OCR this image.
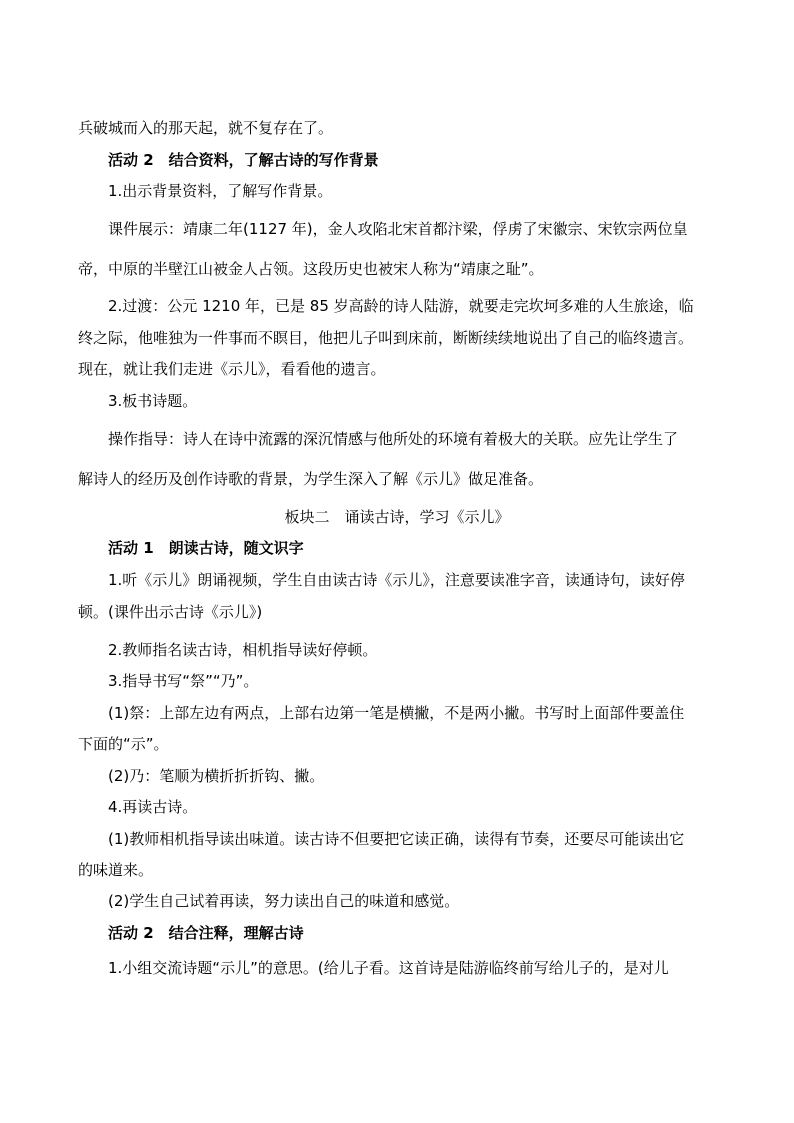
兵破城而入的那天起，就不复存在了。
活动 2　结合资料，了解古诗的写作背景
1.出示背景资料，了解写作背景。
课件展示：靖康二年(1127 年)，金人攻陷北宋首都汴梁，俘虏了宋徽宗、宋钦宗两位皇
帝，中原的半壁江山被金人占领。这段历史也被宋人称为“靖康之耻”。
2.过渡：公元 1210 年，已是 85 岁高龄的诗人陆游，就要走完坎坷多难的人生旅途，临
终之际，他唯独为一件事而不瞑目，他把儿子叫到床前，断断续续地说出了自己的临终遗言。
现在，就让我们走进《示儿》，看看他的遗言。
3.板书诗题。
操作指导：诗人在诗中流露的深沉情感与他所处的环境有着极大的关联。应先让学生了
解诗人的经历及创作诗歌的背景，为学生深入了解《示儿》做足准备。
板块二　诵读古诗，学习《示儿》
活动 1　朗读古诗，随文识字
1.听《示儿》朗诵视频，学生自由读古诗《示儿》，注意要读准字音，读通诗句，读好停
顿。(课件出示古诗《示儿》)
2.教师指名读古诗，相机指导读好停顿。
3.指导书写“祭”“乃”。
(1)祭：上部左边有两点，上部右边第一笔是横撇，不是两小撇。书写时上面部件要盖住
下面的“示”。
(2)乃：笔顺为横折折折钩、撇。
4.再读古诗。
(1)教师相机指导读出味道。读古诗不但要把它读正确，读得有节奏，还要尽可能读出它
的味道来。
(2)学生自己试着再读，努力读出自己的味道和感觉。
活动 2　结合注释，理解古诗
1.小组交流诗题“示儿”的意思。(给儿子看。这首诗是陆游临终前写给儿子的，是对儿
